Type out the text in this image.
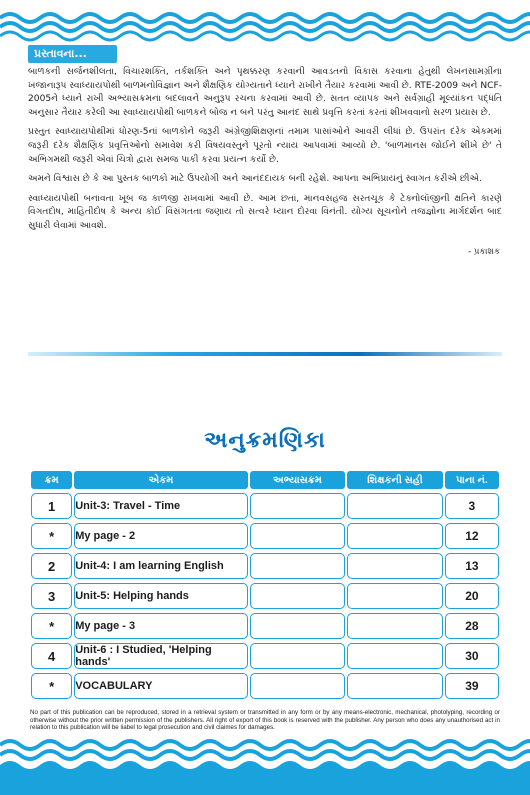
પ્રસ્તાવના...

બાળકની સર્જનશીલતા, વિચારશક્તિ, તર્કશક્તિ અને પૃથક્કરણ કરવાની આવડતનો વિકાસ કરવાના હેતુથી લેખનસામગ્રીના ખજાનારૂપ સ્વાધ્યાયપોથી બાળમનોવિજ્ઞાન અને શૈક્ષણિક યોગ્યતાને ધ્યાને રાખીને તૈયાર કરવામાં આવી છે. RTE-2009 અને NCF-2005ને ધ્યાને રાખી અભ્યાસક્રમના બદલાવને અનુરૂપ રચના કરવામાં આવી છે. સતત વ્યાપક અને સર્વગ્રાહી મૂલ્યાંકન પદ્ધતિ અનુસાર તૈયાર કરેલી આ સ્વાધ્યાયપોથી બાળકને બોજ ન બને પરંતુ આનંદ સાથે પ્રવૃત્તિ કરતાં કરતાં શીખવવાનો સરળ પ્રયાસ છે.

પ્રસ્તુત સ્વાધ્યાયપોથીમાં ધોરણ-5નાં બાળકોને જરૂરી અંગ્રેજીશિક્ષણનાં તમામ પાસાંઓને આવરી લીધાં છે. ઉપરાંત દરેક એકમમાં જરૂરી દરેક શૈક્ષણિક પ્રવૃત્તિઓનો સમાવેશ કરી વિષયવસ્તુને પૂરતો ન્યાય આપવામાં આવ્યો છે. 'બાળમાનસ જોઈને શીખે છે' તે અભિગમથી જરૂરી એવાં ચિત્રો દ્વારા સમજ પાકી કરવા પ્રયત્ન કર્યો છે.

અમને વિશ્વાસ છે કે આ પુસ્તક બાળકો માટે ઉપયોગી અને આનંદદાયક બની રહેશે. આપના અભિપ્રાયનું સ્વાગત કરીએ છીએ.

સ્વાધ્યાયપોથી બનાવતા ખૂબ જ કાળજી રાખવામાં આવી છે. આમ છતાં, માનવસહજ સરતચૂક કે ટેક્નોલૉજીની ક્ષતિને કારણે વિગતદોષ, માહિતીદોષ કે અન્ય કોઈ વિસંગતતા જણાય તો સત્વરે ધ્યાન દોરવા વિનંતી. યોગ્ય સૂચનોને તજજ્ઞોના માર્ગદર્શન બાદ સુધારી લેવામાં આવશે.

- પ્રકાશક
અનુક્રમણિકા
ક્રમ	એકમ	અભ્યાસક્રમ	શિક્ષકની સહી	પાના નં.
1	Unit-3: Travel - Time			3
*	My page - 2			12
2	Unit-4: I am learning English			13
3	Unit-5: Helping hands			20
*	My page - 3			28
4	Unit-6 : I Studied, 'Helping hands'			30
*	VOCABULARY			39
No part of this publication can be reproduced, stored in a retrieval system or transmitted in any form or by any means-electronic, mechanical, photolyping, recording or otherwise without the prior written permission of the publishers. All right of export of this book is reserved with the publisher. Any person who does any unauthorised act in relation to this publication will be liabel to legal prosecution and civil claimes for damages.
